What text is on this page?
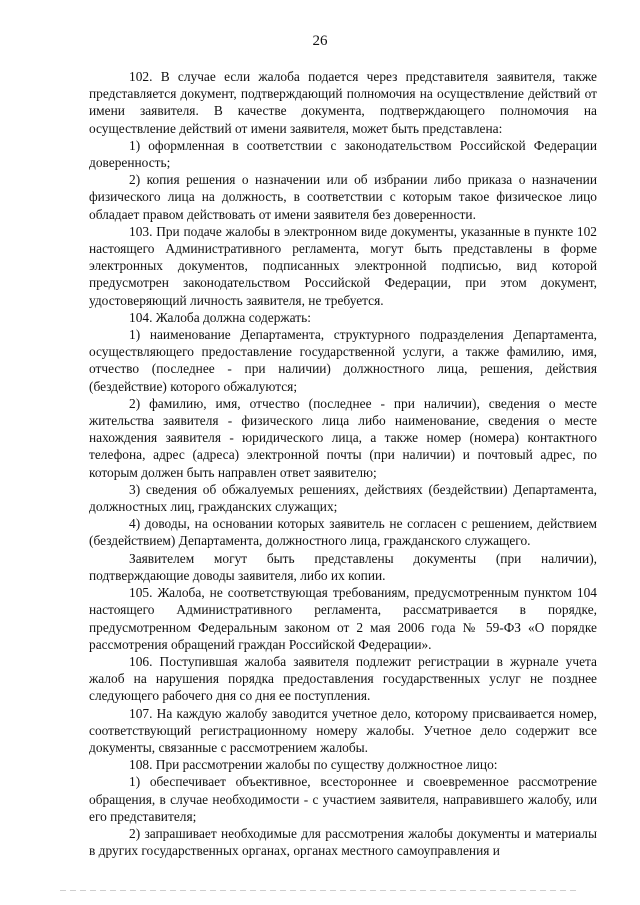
26

102. В случае если жалоба подается через представителя заявителя, также представляется документ, подтверждающий полномочия на осуществление действий от имени заявителя. В качестве документа, подтверждающего полномочия на осуществление действий от имени заявителя, может быть представлена:

1) оформленная в соответствии с законодательством Российской Федерации доверенность;

2) копия решения о назначении или об избрании либо приказа о назначении физического лица на должность, в соответствии с которым такое физическое лицо обладает правом действовать от имени заявителя без доверенности.

103. При подаче жалобы в электронном виде документы, указанные в пункте 102 настоящего Административного регламента, могут быть представлены в форме электронных документов, подписанных электронной подписью, вид которой предусмотрен законодательством Российской Федерации, при этом документ, удостоверяющий личность заявителя, не требуется.

104. Жалоба должна содержать:

1) наименование Департамента, структурного подразделения Департамента, осуществляющего предоставление государственной услуги, а также фамилию, имя, отчество (последнее - при наличии) должностного лица, решения, действия (бездействие) которого обжалуются;

2) фамилию, имя, отчество (последнее - при наличии), сведения о месте жительства заявителя - физического лица либо наименование, сведения о месте нахождения заявителя - юридического лица, а также номер (номера) контактного телефона, адрес (адреса) электронной почты (при наличии) и почтовый адрес, по которым должен быть направлен ответ заявителю;

3) сведения об обжалуемых решениях, действиях (бездействии) Департамента, должностных лиц, гражданских служащих;

4) доводы, на основании которых заявитель не согласен с решением, действием (бездействием) Департамента, должностного лица, гражданского служащего.

Заявителем могут быть представлены документы (при наличии), подтверждающие доводы заявителя, либо их копии.

105. Жалоба, не соответствующая требованиям, предусмотренным пунктом 104 настоящего Административного регламента, рассматривается в порядке, предусмотренном Федеральным законом от 2 мая 2006 года № 59-ФЗ «О порядке рассмотрения обращений граждан Российской Федерации».

106. Поступившая жалоба заявителя подлежит регистрации в журнале учета жалоб на нарушения порядка предоставления государственных услуг не позднее следующего рабочего дня со дня ее поступления.

107. На каждую жалобу заводится учетное дело, которому присваивается номер, соответствующий регистрационному номеру жалобы. Учетное дело содержит все документы, связанные с рассмотрением жалобы.

108. При рассмотрении жалобы по существу должностное лицо:

1) обеспечивает объективное, всестороннее и своевременное рассмотрение обращения, в случае необходимости - с участием заявителя, направившего жалобу, или его представителя;

2) запрашивает необходимые для рассмотрения жалобы документы и материалы в других государственных органах, органах местного самоуправления и
